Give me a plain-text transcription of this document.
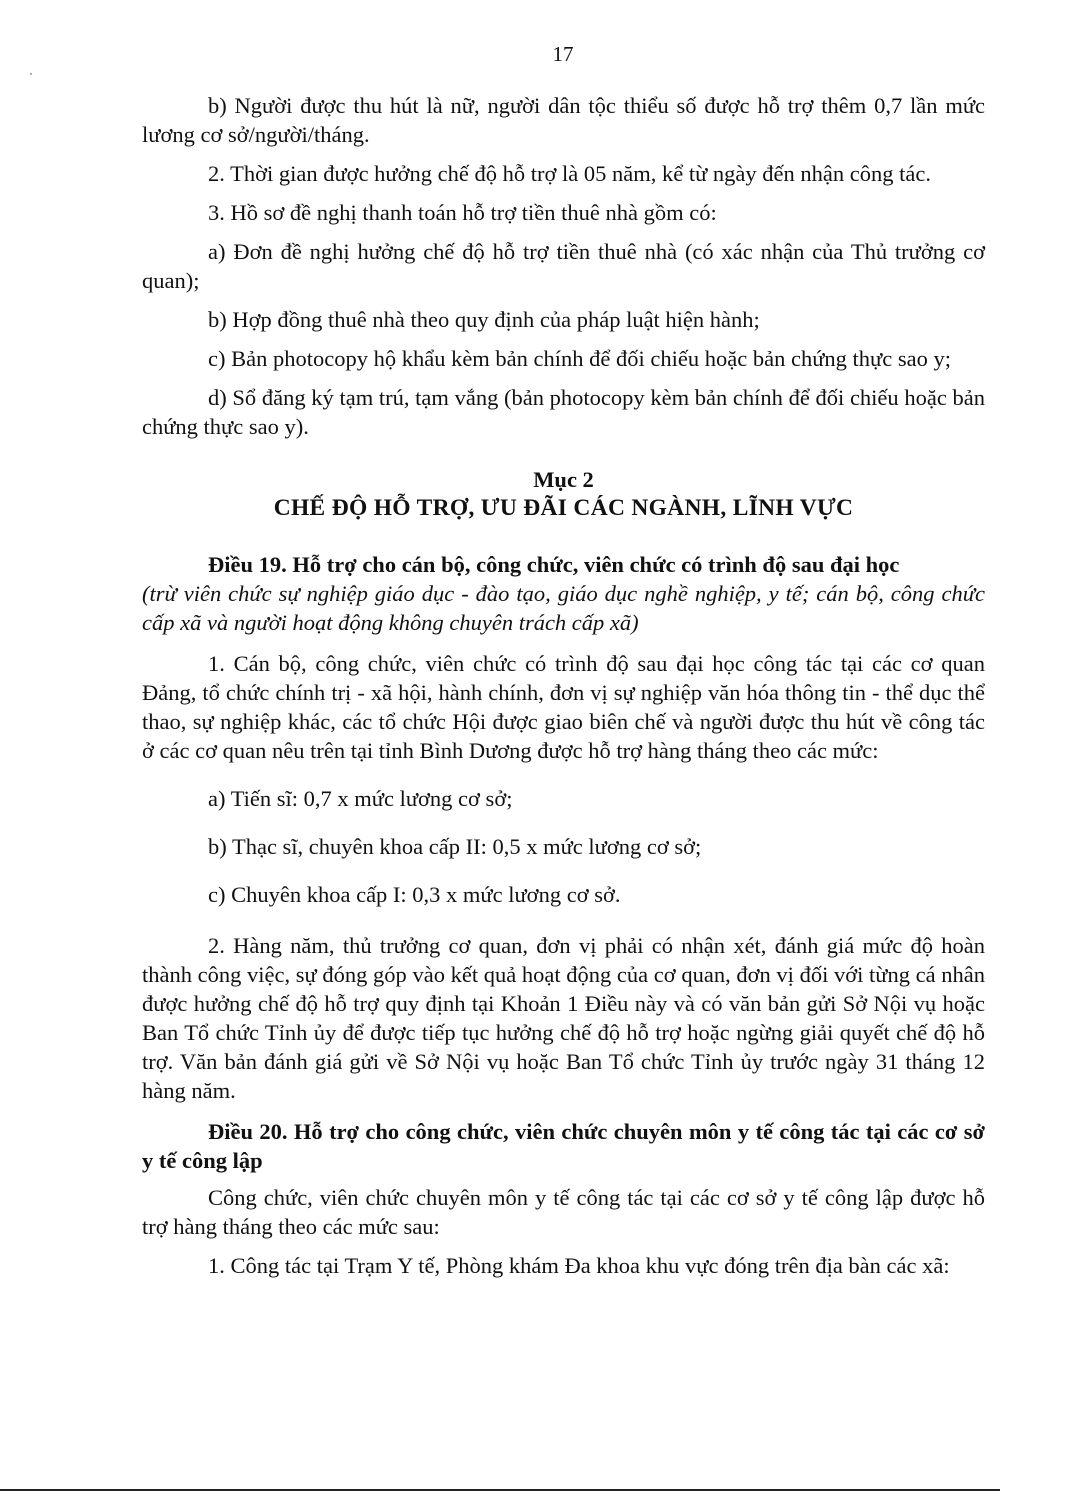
17

b) Người được thu hút là nữ, người dân tộc thiểu số được hỗ trợ thêm 0,7 lần mức lương cơ sở/người/tháng.

2. Thời gian được hưởng chế độ hỗ trợ là 05 năm, kể từ ngày đến nhận công tác.

3. Hồ sơ đề nghị thanh toán hỗ trợ tiền thuê nhà gồm có:

a) Đơn đề nghị hưởng chế độ hỗ trợ tiền thuê nhà (có xác nhận của Thủ trưởng cơ quan);

b) Hợp đồng thuê nhà theo quy định của pháp luật hiện hành;

c) Bản photocopy hộ khẩu kèm bản chính để đối chiếu hoặc bản chứng thực sao y;

d) Sổ đăng ký tạm trú, tạm vắng (bản photocopy kèm bản chính để đối chiếu hoặc bản chứng thực sao y).

Mục 2

CHẾ ĐỘ HỖ TRỢ, ƯU ĐÃI CÁC NGÀNH, LĨNH VỰC

Điều 19. Hỗ trợ cho cán bộ, công chức, viên chức có trình độ sau đại học

(trừ viên chức sự nghiệp giáo dục - đào tạo, giáo dục nghề nghiệp, y tế; cán bộ, công chức cấp xã và người hoạt động không chuyên trách cấp xã)

1. Cán bộ, công chức, viên chức có trình độ sau đại học công tác tại các cơ quan Đảng, tổ chức chính trị - xã hội, hành chính, đơn vị sự nghiệp văn hóa thông tin - thể dục thể thao, sự nghiệp khác, các tổ chức Hội được giao biên chế và người được thu hút về công tác ở các cơ quan nêu trên tại tỉnh Bình Dương được hỗ trợ hàng tháng theo các mức:

a) Tiến sĩ: 0,7 x mức lương cơ sở;

b) Thạc sĩ, chuyên khoa cấp II: 0,5 x mức lương cơ sở;

c) Chuyên khoa cấp I: 0,3 x mức lương cơ sở.

2. Hàng năm, thủ trưởng cơ quan, đơn vị phải có nhận xét, đánh giá mức độ hoàn thành công việc, sự đóng góp vào kết quả hoạt động của cơ quan, đơn vị đối với từng cá nhân được hưởng chế độ hỗ trợ quy định tại Khoản 1 Điều này và có văn bản gửi Sở Nội vụ hoặc Ban Tổ chức Tỉnh ủy để được tiếp tục hưởng chế độ hỗ trợ hoặc ngừng giải quyết chế độ hỗ trợ. Văn bản đánh giá gửi về Sở Nội vụ hoặc Ban Tổ chức Tỉnh ủy trước ngày 31 tháng 12 hàng năm.

Điều 20. Hỗ trợ cho công chức, viên chức chuyên môn y tế công tác tại các cơ sở y tế công lập

Công chức, viên chức chuyên môn y tế công tác tại các cơ sở y tế công lập được hỗ trợ hàng tháng theo các mức sau:

1. Công tác tại Trạm Y tế, Phòng khám Đa khoa khu vực đóng trên địa bàn các xã:
